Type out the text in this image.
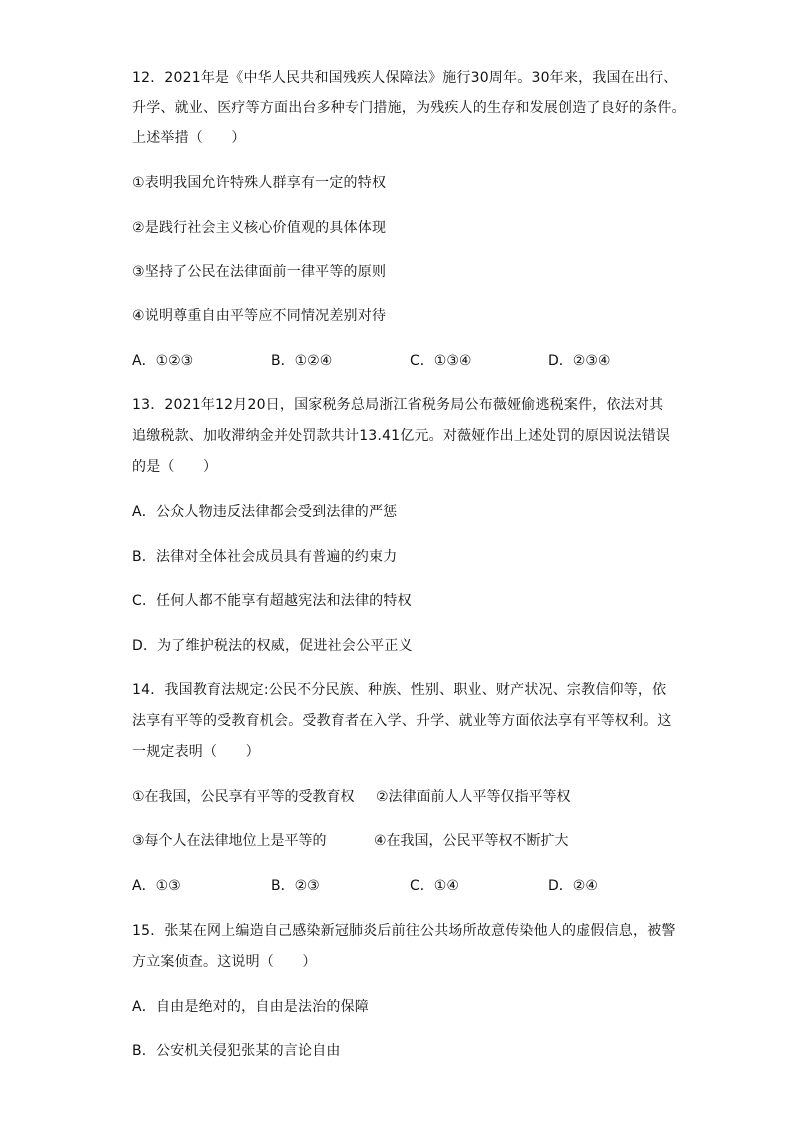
12．2021年是《中华人民共和国残疾人保障法》施行30周年。30年来，我国在出行、
升学、就业、医疗等方面出台多种专门措施，为残疾人的生存和发展创造了良好的条件。
上述举措（　　）
①表明我国允许特殊人群享有一定的特权
②是践行社会主义核心价值观的具体体现
③坚持了公民在法律面前一律平等的原则
④说明尊重自由平等应不同情况差别对待
A．①②③	B．①②④	C．①③④	D．②③④
13．2021年12月20日，国家税务总局浙江省税务局公布薇娅偷逃税案件，依法对其
追缴税款、加收滞纳金并处罚款共计13.41亿元。对薇娅作出上述处罚的原因说法错误
的是（　　）
A．公众人物违反法律都会受到法律的严惩
B．法律对全体社会成员具有普遍的约束力
C．任何人都不能享有超越宪法和法律的特权
D．为了维护税法的权威，促进社会公平正义
14．我国教育法规定:公民不分民族、种族、性别、职业、财产状况、宗教信仰等，依
法享有平等的受教育机会。受教育者在入学、升学、就业等方面依法享有平等权利。这
一规定表明（　　）
①在我国，公民享有平等的受教育权 ②法律面前人人平等仅指平等权
③每个人在法律地位上是平等的	④在我国，公民平等权不断扩大
A．①③	B．②③	C．①④	D．②④
15．张某在网上编造自己感染新冠肺炎后前往公共场所故意传染他人的虚假信息，被警
方立案侦查。这说明（　　）
A．自由是绝对的，自由是法治的保障
B．公安机关侵犯张某的言论自由
